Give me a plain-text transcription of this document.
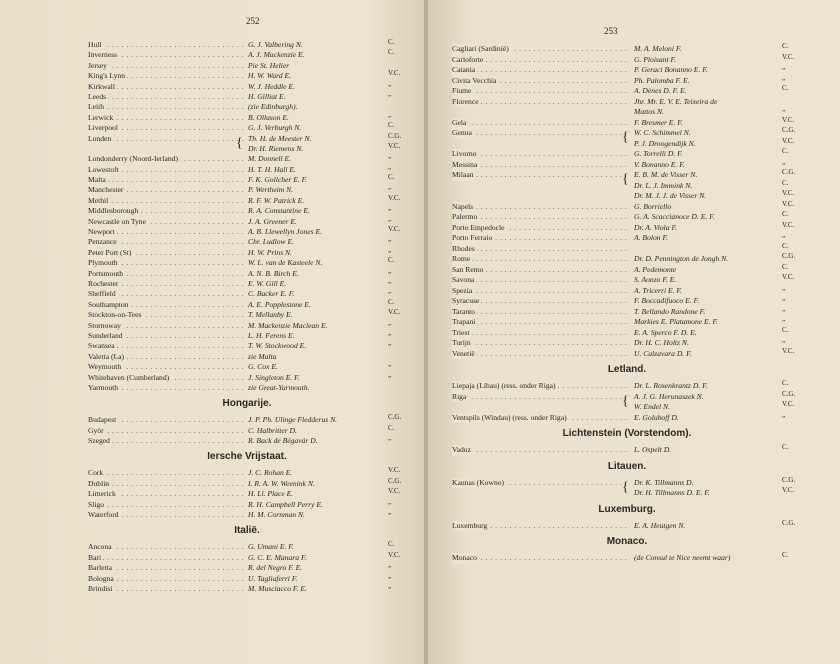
252
. . .
Hull	G. J. Valbering N.	C.
. . .
Inverness	A. J. Mackenzie E.	C.
. . .
Jersey	Pie St. Helier
. . .
King's Lynn	H. W. Ward E.	V.C.
. . .
Kirkwall	W. J. Heddle E.	„
. . .
Leeds	H. Gilliat E.	„
. . .
Leith	(zie Edinburgh).
. . .
Lerwick	B. Ollason E.	„
. . .
Liverpool	G. J. Verburgh N.	C.
. . .
Londen	{ Th. H. de Meester N.	C.G.
Dr. H. Riemens N.	V.C.
. . .
Londonderry (Noord-Ierland)	M. Donnell E.	„
. . .
Lowestoft	H. T. H. Hall E.	„
. . .
Malta	F. K. Gollcher E. F.	C.
. . .
Manchester	P. Wertheim N.	„
. . .
Methil	R. F. W. Patrick E.	V.C.
. . .
Middlesborough	R. A. Constantine E.	„
. . .
Newcastle on Tyne	J. A. Greener E.	„
. . .
Newport	A. B. Llewellyn Jones E.	V.C.
. . .
Penzance	Chr. Ludlow E.	„
. . .
Peter Port (St)	H. W. Prins N.	„
. . .
Plymouth	W. L. van de Kasteele N.	C.
. . .
Portsmouth	A. N. B. Birch E.	„
. . .
Rochester	E. W. Gill E.	„
. . .
Sheffield	C. Backer E. F.	„
. . .
Southampton	A. E. Popplestone E.	C.
. . .
Stockton-on-Tees	T. Mellanby E.	V.C.
. . .
Stornoway	M. Mackenzie Maclean E.	„
. . .
Sunderland	L. H. Ferens E.	„
. . .
Swansea	T. W. Stockwood E.	„
. . .
Valetta (La)	zie Malta
. . .
Weymouth	G. Cox E.	„
. . .
Whitehaven (Cumberland)	J. Singleton E. F.	„
. . .
Yarmouth	zie Great-Yarmouth.
Hongarije.
. . .
Budapest	J. P. Ph. Ulinge Fledderus N.	C.G.
. . .
Györ	C. Halbritter D.	C.
. . .
Szeged	R. Back de Bégavár D.	„
Iersche Vrijstaat.
. . .
Cork	J. C. Rohan E.	V.C.
. . .
Dublin	I. R. A. W. Weenink N.	C.G.
. . .
Limerick	H. Ll. Place E.	V.C.
. . .
Sligo	R. H. Campbell Perry E.	„
. . .
Waterford	H. M. Cornman N.	„
Italië.
. . .
Ancona	G. Umani E. F.	C.
. . .
Bari	G. C. E. Manara F.	V.C.
. . .
Barletta	R. del Negro F. E.	„
. . .
Bologna	U. Tagliaferri F.	„
. . .
Brindisi	M. Musciacco F. E.	„
253
. . .
Cagliari (Sardinië)	M. A. Meloni F.	C.
. . .
Carloforte	G. Ploisant F.	V.C.
. . .
Catania	P. Geraci Bonanno E. F.	„
. . .
Civita Vecchia	Ph. Palomba F. E.	„
. . .
Fiume	A. Dènes D. F. E.	C.
. . .
Florence	Jhr. Mr. E. V. E. Teixeira de
Mattos N.	„
. . .
Gela	F. Bresmer E. F.	V.C.
. . .
Genua	{ W. C. Schimmel N.	C.G.
P. J. Droogendijk N.	V.C.
. . .
Livorno	G. Torrelli D. F.	C.
. . .
Messina	V. Bonanno E. F.	„
. . .
Milaan	{ E. B. M. de Visser N.	C.G.
Dr. L. J. Immink N.	C.
Dr. M. J. J. de Visser N.	V.C.
. . .
Napels	G. Borriello	V.C.
. . .
Palermo	G. A. Scaccianoce D. E. F.	C.
. . .
Porto Empedocle	Dr. A. Viola F.	V.C.
. . .
Porto Ferraio	A. Bolon F.	„
. . .
Rhodes	C.
. . .
Rome	Dr. D. Pennington de Jongh N.	C.G.
. . .
San Remo	A. Pedemonte	C.
. . .
Savona	S. Aonzo F. E.	V.C.
. . .
Spezia	A. Tricerri E. F.	„
. . .
Syracuse	F. Boccadifuoco E. F.	„
. . .
Taranto	T. Bellando Randone F.	„
. . .
Trapani	Markies E. Platamone E. F.	„
. . .
Triest	E. A. Sperco F. D. E.	C.
. . .
Turijn	Dr. H. C. Holtz N.	„
. . .
Venetië	U. Calzavara D. F.	V.C.
Letland.
. . .
Liepaja (Libau) (ress. onder Riga)	Dr. L. Rosenkrantz D. F.	C.
. . .
Riga	{ A. J. G. Herunaszek N.	C.G.
W. Endel N.	V.C.
. . .
Ventspils (Windau) (ress. onder Riga)	E. Goluboff D.	„
Lichtenstein (Vorstendom).
. . .
Vaduz	L. Ospelt D.	C.
Litauen.
. . .
Kaunas (Kowno)	{ Dr. K. Tillmanns D.	C.G.
Dr. H. Tillmanns D. E. F.	V.C.
Luxemburg.
. . .
Luxemburg	E. A. Heutgen N.	C.G.
Monaco.
. . .
Monaco	(de Consul te Nice neemt waar)	C.
